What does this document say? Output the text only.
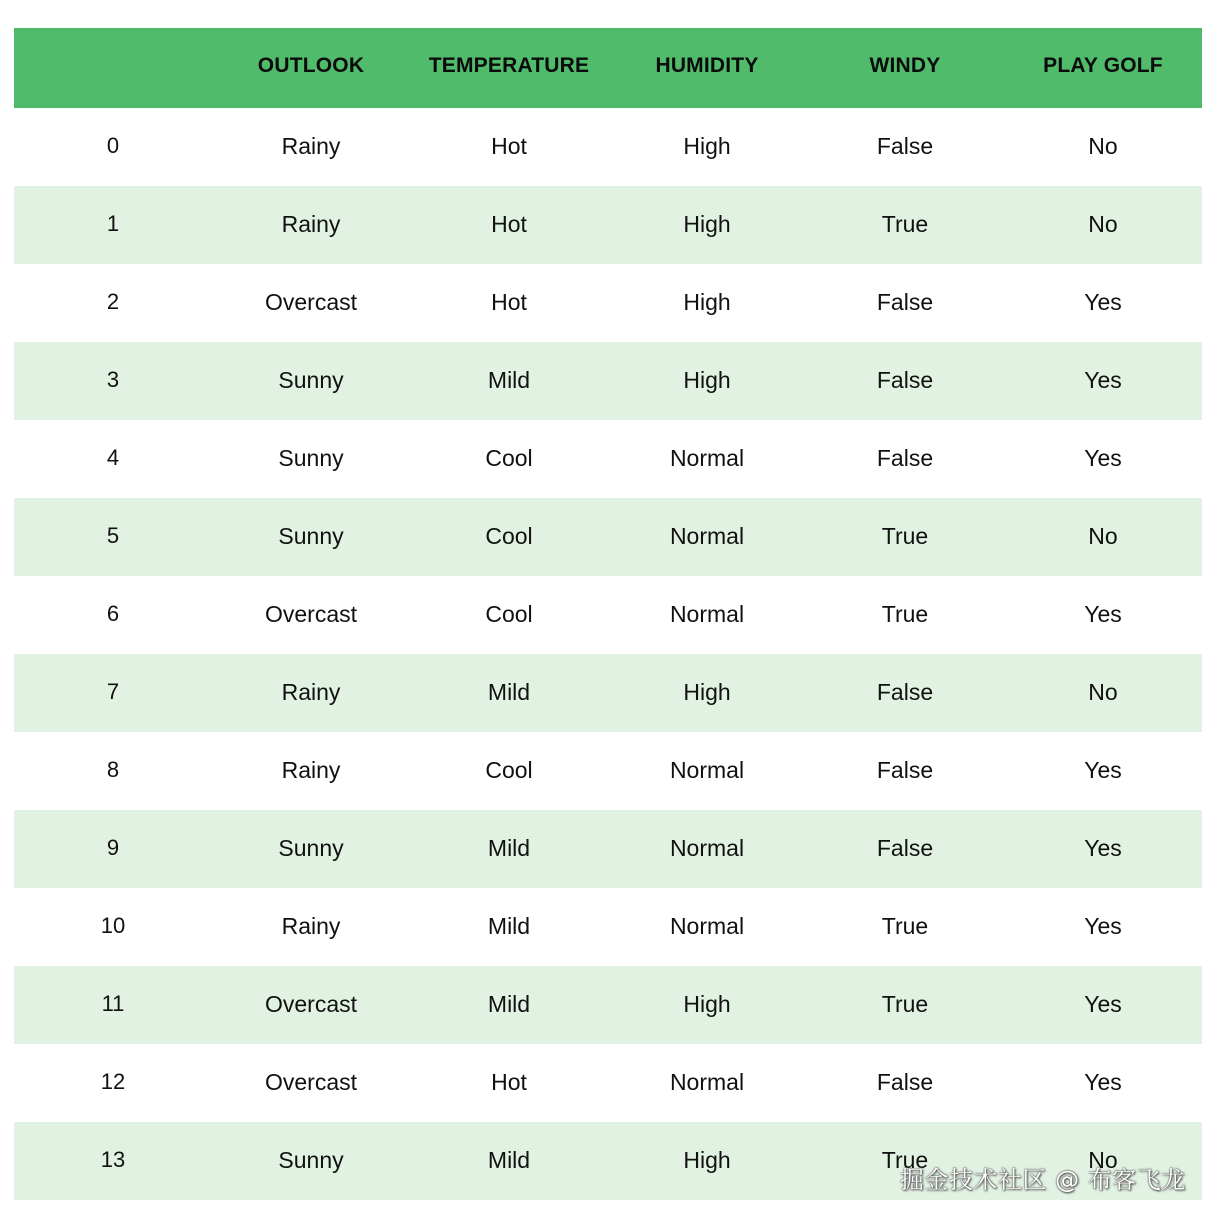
	OUTLOOK	TEMPERATURE	HUMIDITY	WINDY	PLAY GOLF
0	Rainy	Hot	High	False	No
1	Rainy	Hot	High	True	No
2	Overcast	Hot	High	False	Yes
3	Sunny	Mild	High	False	Yes
4	Sunny	Cool	Normal	False	Yes
5	Sunny	Cool	Normal	True	No
6	Overcast	Cool	Normal	True	Yes
7	Rainy	Mild	High	False	No
8	Rainy	Cool	Normal	False	Yes
9	Sunny	Mild	Normal	False	Yes
10	Rainy	Mild	Normal	True	Yes
11	Overcast	Mild	High	True	Yes
12	Overcast	Hot	Normal	False	Yes
13	Sunny	Mild	High	True	No
掘金技术社区 @ 布客飞龙
